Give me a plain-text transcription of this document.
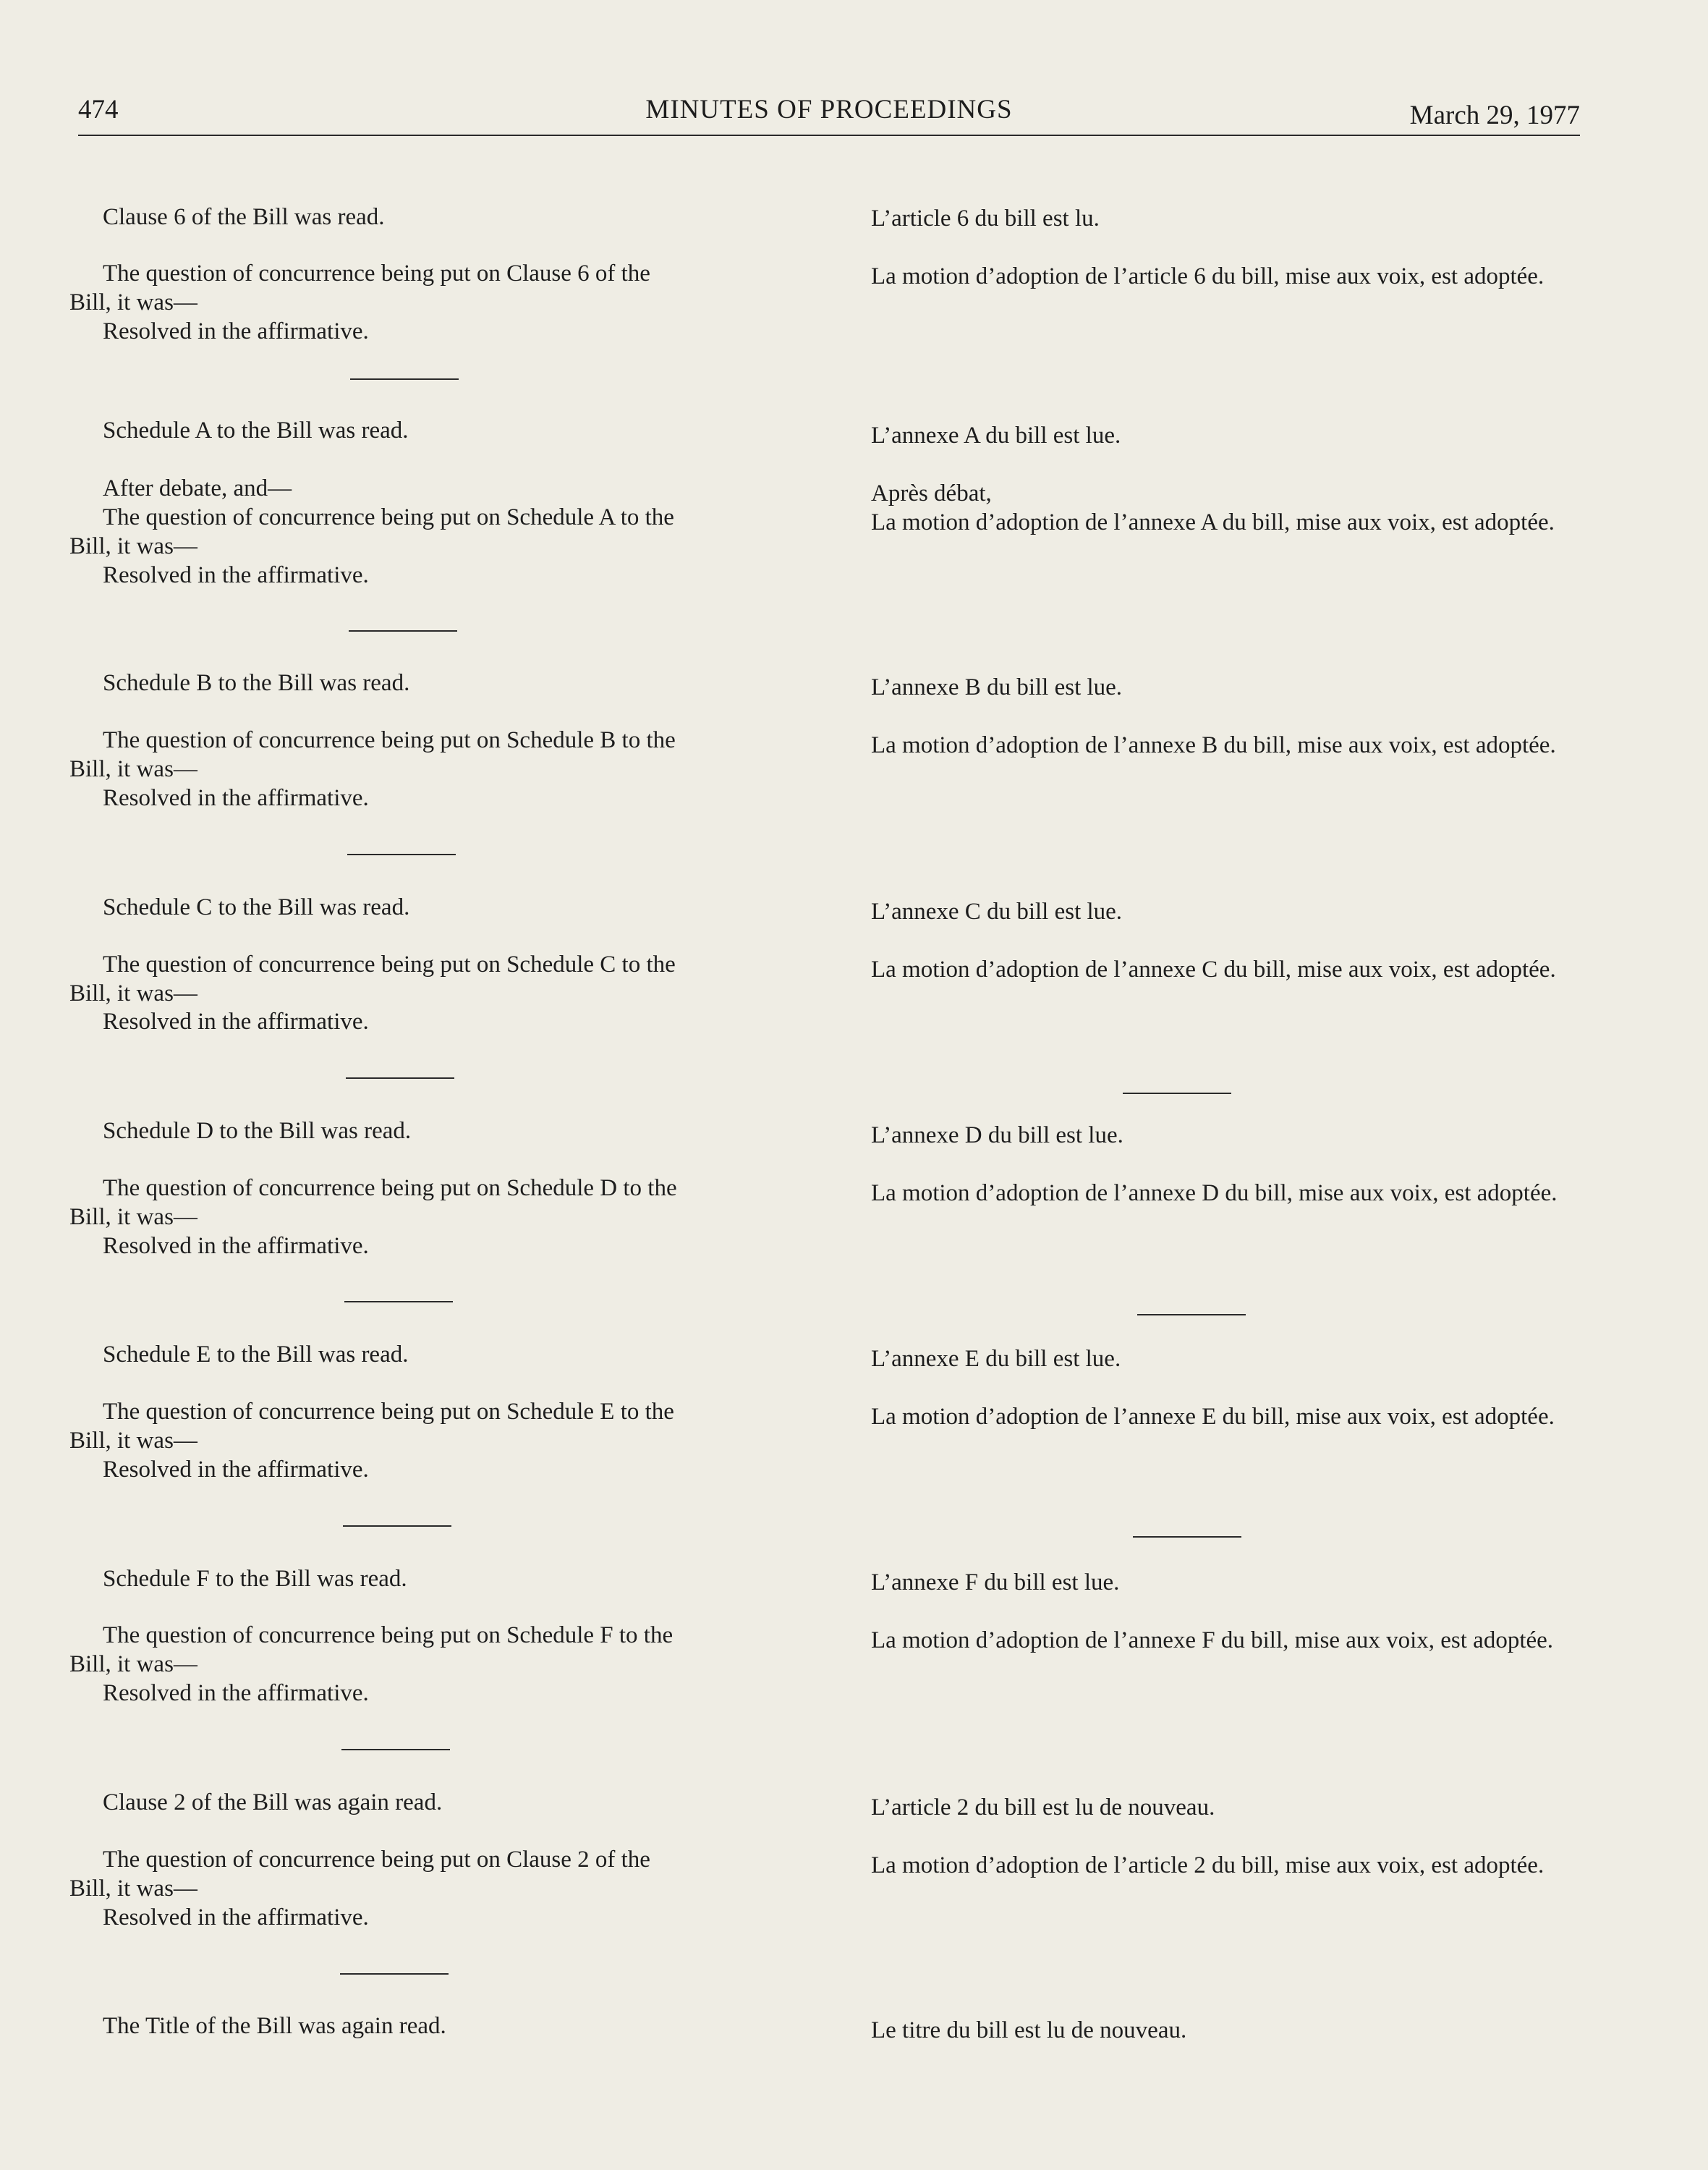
474	MINUTES OF PROCEEDINGS	March 29, 1977
Clause 6 of the Bill was read.
The question of concurrence being put on Clause 6 of the
Bill, it was—
Resolved in the affirmative.
Schedule A to the Bill was read.
After debate, and—
The question of concurrence being put on Schedule A to the
Bill, it was—
Resolved in the affirmative.
Schedule B to the Bill was read.
The question of concurrence being put on Schedule B to the
Bill, it was—
Resolved in the affirmative.
Schedule C to the Bill was read.
The question of concurrence being put on Schedule C to the
Bill, it was—
Resolved in the affirmative.
Schedule D to the Bill was read.
The question of concurrence being put on Schedule D to the
Bill, it was—
Resolved in the affirmative.
Schedule E to the Bill was read.
The question of concurrence being put on Schedule E to the
Bill, it was—
Resolved in the affirmative.
Schedule F to the Bill was read.
The question of concurrence being put on Schedule F to the
Bill, it was—
Resolved in the affirmative.
Clause 2 of the Bill was again read.
The question of concurrence being put on Clause 2 of the
Bill, it was—
Resolved in the affirmative.
The Title of the Bill was again read.
L’article 6 du bill est lu.
La motion d’adoption de l’article 6 du bill, mise aux voix, est adoptée.
L’annexe A du bill est lue.
Après débat,
La motion d’adoption de l’annexe A du bill, mise aux voix, est adoptée.
L’annexe B du bill est lue.
La motion d’adoption de l’annexe B du bill, mise aux voix, est adoptée.
L’annexe C du bill est lue.
La motion d’adoption de l’annexe C du bill, mise aux voix, est adoptée.
L’annexe D du bill est lue.
La motion d’adoption de l’annexe D du bill, mise aux voix, est adoptée.
L’annexe E du bill est lue.
La motion d’adoption de l’annexe E du bill, mise aux voix, est adoptée.
L’annexe F du bill est lue.
La motion d’adoption de l’annexe F du bill, mise aux voix, est adoptée.
L’article 2 du bill est lu de nouveau.
La motion d’adoption de l’article 2 du bill, mise aux voix, est adoptée.
Le titre du bill est lu de nouveau.
